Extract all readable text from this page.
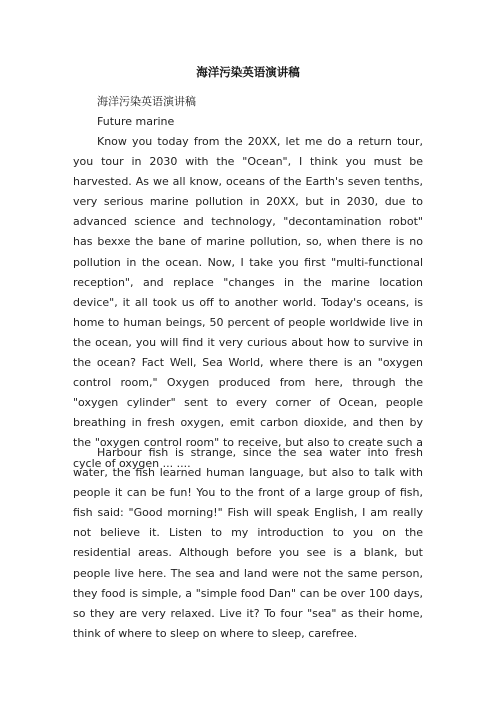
海洋污染英语演讲稿
海洋污染英语演讲稿
Future marine

Know you today from the 20XX, let me do a return tour, you tour in 2030 with the "Ocean", I think you must be harvested. As we all know, oceans of the Earth's seven tenths, very serious marine pollution in 20XX, but in 2030, due to advanced science and technology, "decontamination robot" has bexxe the bane of marine pollution, so, when there is no pollution in the ocean. Now, I take you first "multi-functional reception", and replace "changes in the marine location device", it all took us off to another world. Today's oceans, is home to human beings, 50 percent of people worldwide live in the ocean, you will find it very curious about how to survive in the ocean? Fact Well, Sea World, where there is an "oxygen control room," Oxygen produced from here, through the "oxygen cylinder" sent to every corner of Ocean, people breathing in fresh oxygen, emit carbon dioxide, and then by the "oxygen control room" to receive, but also to create such a cycle of oxygen ... ....

Harbour fish is strange, since the sea water into fresh water, the fish learned human language, but also to talk with people it can be fun! You to the front of a large group of fish, fish said: "Good morning!" Fish will speak English, I am really not believe it. Listen to my introduction to you on the residential areas. Although before you see is a blank, but people live here. The sea and land were not the same person, they food is simple, a "simple food Dan" can be over 100 days, so they are very relaxed. Live it? To four "sea" as their home, think of where to sleep on where to sleep, carefree.
